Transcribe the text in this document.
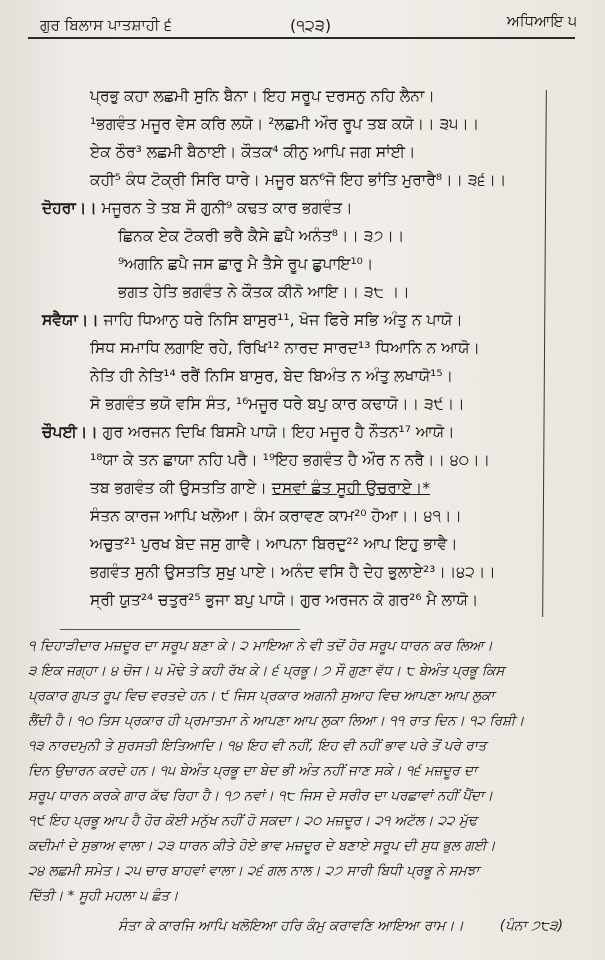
ਗੁਰ ਬਿਲਾਸ ਪਾਤਸ਼ਾਹੀ ੬	(੧੨੩)	ਅਧਿਆਇ ੫
ਪ੍ਰਭੁ ਕਹਾ ਲਛਮੀ ਸੁਨਿ ਬੈਨਾ। ਇਹ ਸਰੂਪ ਦਰਸਨੁ ਨਹਿ ਲੈਨਾ।
¹ਭਗਵੰਤ ਮਜੂਰ ਵੇਸ ਕਰਿ ਲਯੋ। ²ਲਛਮੀ ਔਰ ਰੂਪ ਤਬ ਕਯੋ।। ੩੫।।
ਏਕ ਠੌਰ³ ਲਛਮੀ ਬੈਠਾਈ। ਕੌਤਕ⁴ ਕੀਨੁ ਆਪਿ ਜਗ ਸਾਂਈ।
ਕਹੀ⁵ ਕੰਧ ਟੋਕ੍ਰੀ ਸਿਰਿ ਧਾਰੇ। ਮਜੂਰ ਬਨ⁶ਜੋ ਇਹ ਭਾਂਤਿ ਮੁਰਾਰੈ⁸।। ੩੬।।
ਦੋਹਰਾ।। ਮਜੂਰਨ ਤੇ ਤਬ ਸੌ ਗੁਨੀ⁹ ਕਢਤ ਕਾਰ ਭਗਵੰਤ।
ਛਿਨਕ ਏਕ ਟੋਕਰੀ ਭਰੈ ਕੈਸੇ ਛਪੈ ਅਨੰਤ⁸।। ੩੭।।
⁹ਅਗਨਿ ਛਪੈ ਜਸ ਛਾਰੁ ਮੈ ਤੈਸੇ ਰੂਪ ਛੁਪਾਇ¹⁰।
ਭਗਤ ਹੇਤਿ ਭਗਵੰਤ ਨੇ ਕੌਤਕ ਕੀਨੋ ਆਇ।। ੩੮ ।।
ਸਵੈਯਾ।। ਜਾਹਿ ਧਿਆਨੁ ਧਰੇ ਨਿਸਿ ਬਾਸੁਰ¹¹, ਖੋਜ ਫਿਰੇ ਸਭਿ ਅੰਤੁ ਨ ਪਾਯੋ।
ਸਿਧ ਸਮਾਧਿ ਲਗਾਇ ਰਹੇ, ਰਿਖਿ¹² ਨਾਰਦ ਸਾਰਦ¹³ ਧਿਆਨਿ ਨ ਆਯੋ।
ਨੇਤਿ ਹੀ ਨੇਤਿ¹⁴ ਰਰੈਂ ਨਿਸਿ ਬਾਸੁਰ, ਬੇਦ ਬਿਅੰਤ ਨ ਅੰਤੁ ਲਖਾਯੋ¹⁵।
ਸੋ ਭਗਵੰਤ ਭਯੋ ਵਸਿ ਸੰਤ, ¹⁶ਮਜੂਰ ਧਰੇ ਬਪੁ ਕਾਰ ਕਢਾਯੋ।। ੩੯।।
ਚੌਪਈ।। ਗੁਰ ਅਰਜਨ ਦਿਖਿ ਬਿਸਮੈ ਪਾਯੋ। ਇਹ ਮਜੂਰ ਹੈ ਨੌਤਨ¹⁷ ਆਯੋ।
¹⁸ਯਾ ਕੇ ਤਨ ਛਾਯਾ ਨਹਿ ਪਰੈ। ¹⁹ਇਹ ਭਗਵੰਤ ਹੈ ਔਰ ਨ ਨਰੈ।। ੪੦।।
ਤਬ ਭਗਵੰਤ ਕੀ ਉਸਤਤਿ ਗਾਏ। ਦਸਵਾਂ ਛੰਤ ਸੂਹੀ ਉਚਰਾਏ।*
ਸੰਤਨ ਕਾਰਜ ਆਪਿ ਖਲੋਆ। ਕੰਮ ਕਰਾਵਣ ਕਾਮ²⁰ ਹੋਆ।। ੪੧।।
ਅਚੁਤ²¹ ਪੁਰਖ ਬੇਦ ਜਸੁ ਗਾਵੈ। ਆਪਨਾ ਬਿਰਦੁ²² ਆਪ ਇਹੁ ਭਾਵੈ।
ਭਗਵੰਤ ਸੁਨੀ ਉਸਤਤਿ ਸੁਖੁ ਪਾਏ। ਅਨੰਦ ਵਸਿ ਹੈ ਦੇਹ ਭੁਲਾਏ²³।।੪੨।।
ਸ੍ਰੀ ਯੁਤ²⁴ ਚਤੁਰ²⁵ ਭੁਜਾ ਬਪੁ ਪਾਯੋ। ਗੁਰ ਅਰਜਨ ਕੋ ਗਰ²⁶ ਮੈ ਲਾਯੋ।
੧ ਦਿਹਾੜੀਦਾਰ ਮਜ਼ਦੂਰ ਦਾ ਸਰੂਪ ਬਣਾ ਕੇ। ੨ ਮਾਇਆ ਨੇ ਵੀ ਤਦੋਂ ਹੋਰ ਸਰੂਪ ਧਾਰਨ ਕਰ ਲਿਆ।
੩ ਇਕ ਜਗ੍ਹਾ। ੪ ਚੋਜ। ੫ ਮੋਢੇ ਤੇ ਕਹੀ ਰੱਖ ਕੇ। ੬ ਪ੍ਰਭੂ। ੭ ਸੌ ਗੁਣਾ ਵੱਧ। ੮ ਬੇਅੰਤ ਪ੍ਰਭੂ ਕਿਸ
ਪ੍ਰਕਾਰ ਗੁਪਤ ਰੂਪ ਵਿਚ ਵਰਤਦੇ ਹਨ। ੯ ਜਿਸ ਪ੍ਰਕਾਰ ਅਗਨੀ ਸੁਆਹ ਵਿਚ ਆਪਣਾ ਆਪ ਲੁਕਾ
ਲੈਂਦੀ ਹੈ। ੧੦ ਤਿਸ ਪ੍ਰਕਾਰ ਹੀ ਪ੍ਰਮਾਤਮਾ ਨੇ ਆਪਣਾ ਆਪ ਲੁਕਾ ਲਿਆ। ੧੧ ਰਾਤ ਦਿਨ। ੧੨ ਰਿਸ਼ੀ।
੧੩ ਨਾਰਦਮੁਨੀ ਤੇ ਸੁਰਸਤੀ ਇਤਿਆਦਿ। ੧੪ ਇਹ ਵੀ ਨਹੀਂ, ਇਹ ਵੀ ਨਹੀਂ ਭਾਵ ਪਰੇ ਤੋਂ ਪਰੇ ਰਾਤ
ਦਿਨ ਉਚਾਰਨ ਕਰਦੇ ਹਨ। ੧੫ ਬੇਅੰਤ ਪ੍ਰਭੂ ਦਾ ਬੇਦ ਭੀ ਅੰਤ ਨਹੀਂ ਜਾਣ ਸਕੇ। ੧੬ ਮਜ਼ਦੂਰ ਦਾ
ਸਰੂਪ ਧਾਰਨ ਕਰਕੇ ਗਾਰ ਕੱਢ ਰਿਹਾ ਹੈ। ੧੭ ਨਵਾਂ। ੧੮ ਜਿਸ ਦੇ ਸਰੀਰ ਦਾ ਪਰਛਾਵਾਂ ਨਹੀਂ ਪੈਂਦਾ।
੧੯ ਇਹ ਪ੍ਰਭੂ ਆਪ ਹੈ ਹੋਰ ਕੋਈ ਮਨੁੱਖ ਨਹੀਂ ਹੋ ਸਕਦਾ। ੨੦ ਮਜ਼ਦੂਰ। ੨੧ ਅਟੱਲ। ੨੨ ਮੁੱਢ
ਕਦੀਮਾਂ ਦੇ ਸੁਭਾਅ ਵਾਲਾ। ੨੩ ਧਾਰਨ ਕੀਤੇ ਹੋਏ ਭਾਵ ਮਜ਼ਦੂਰ ਦੇ ਬਣਾਏ ਸਰੂਪ ਦੀ ਸੁਧ ਭੁਲ ਗਈ।
੨੪ ਲਛਮੀ ਸਮੇਤ। ੨੫ ਚਾਰ ਬਾਹਵਾਂ ਵਾਲਾ। ੨੬ ਗਲ ਨਾਲ। ੨੭ ਸਾਰੀ ਬਿਧੀ ਪ੍ਰਭੂ ਨੇ ਸਮਝਾ
ਦਿੱਤੀ। * ਸੂਹੀ ਮਹਲਾ ੫ ਛੰਤ।
ਸੰਤਾ ਕੇ ਕਾਰਜਿ ਆਪਿ ਖਲੋਇਆ ਹਰਿ ਕੰਮੁ ਕਰਾਵਣਿ ਆਇਆ ਰਾਮ।।	(ਪੰਨਾ ੭੮੩)
